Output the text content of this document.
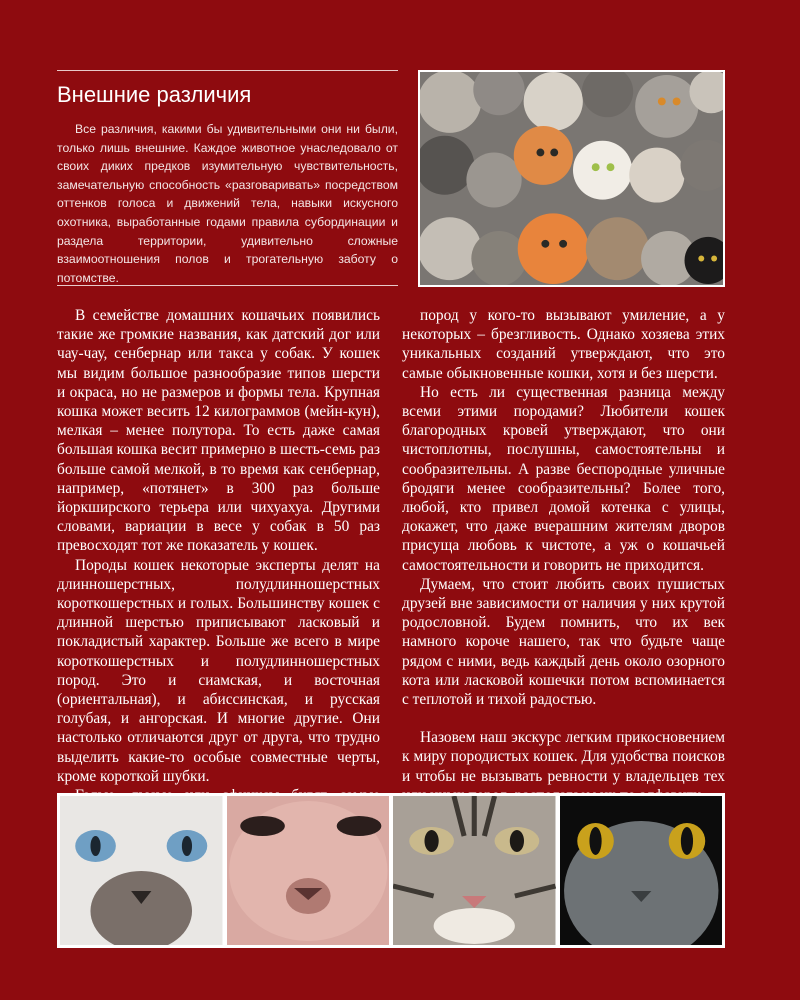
Внешние различия

Все различия, какими бы удивительными они ни были, только лишь внешние. Каждое животное унаследовало от своих диких предков изумительную чувствительность, замечательную способность «разговаривать» посредством оттенков голоса и движений тела, навыки искусного охотника, выработанные годами правила субординации и раздела территории, удивительно сложные взаимоотношения полов и трогательную заботу о потомстве.

В семействе домашних кошачьих появились такие же громкие названия, как датский дог или чау-чау, сенбернар или такса у собак. У кошек мы видим большое разнообразие типов шерсти и окраса, но не размеров и формы тела. Крупная кошка может весить 12 килограммов (мейн-кун), мелкая – менее полутора. То есть даже самая большая кошка весит примерно в шесть-семь раз больше самой мелкой, в то время как сенбернар, например, «потянет» в 300 раз больше йоркширского терьера или чихуахуа. Другими словами, вариации в весе у собак в 50 раз превосходят тот же показатель у кошек.

Породы кошек некоторые эксперты делят на длинношерстных, полудлинношерстных короткошерстных и голых. Большинству кошек с длинной шерстью приписывают ласковый и покладистый характер. Больше же всего в мире короткошерстных и полудлинношерстных пород. Это и сиамская, и восточная (ориентальная), и абиссинская, и русская голубая, и ангорская. И многие другие. Они настолько отличаются друг от друга, что трудно выделить какие-то особые совместные черты, кроме короткой шубки.

пород у кого-то вызывают умиление, а у некоторых – брезгливость. Однако хозяева этих уникальных созданий утверждают, что это самые обыкновенные кошки, хотя и без шерсти.

Но есть ли существенная разница между всеми этими породами? Любители кошек благородных кровей утверждают, что они чистоплотны, послушны, самостоятельны и сообразительны. А разве беспородные уличные бродяги менее сообразительны? Более того, любой, кто привел домой котенка с улицы, докажет, что даже вчерашним жителям дворов присуща любовь к чистоте, а уж о кошачьей самостоятельности и говорить не приходится.

Думаем, что стоит любить своих пушистых друзей вне зависимости от наличия у них крутой родословной. Будем помнить, что их век намного короче нашего, так что будьте чаще рядом с ними, ведь каждый день около озорного кота или ласковой кошечки потом вспоминается с теплотой и тихой радостью.

Назовем наш экскурс легким прикосновением к миру породистых кошек. Для удобства поисков и чтобы не вызывать ревности у владельцев тех
